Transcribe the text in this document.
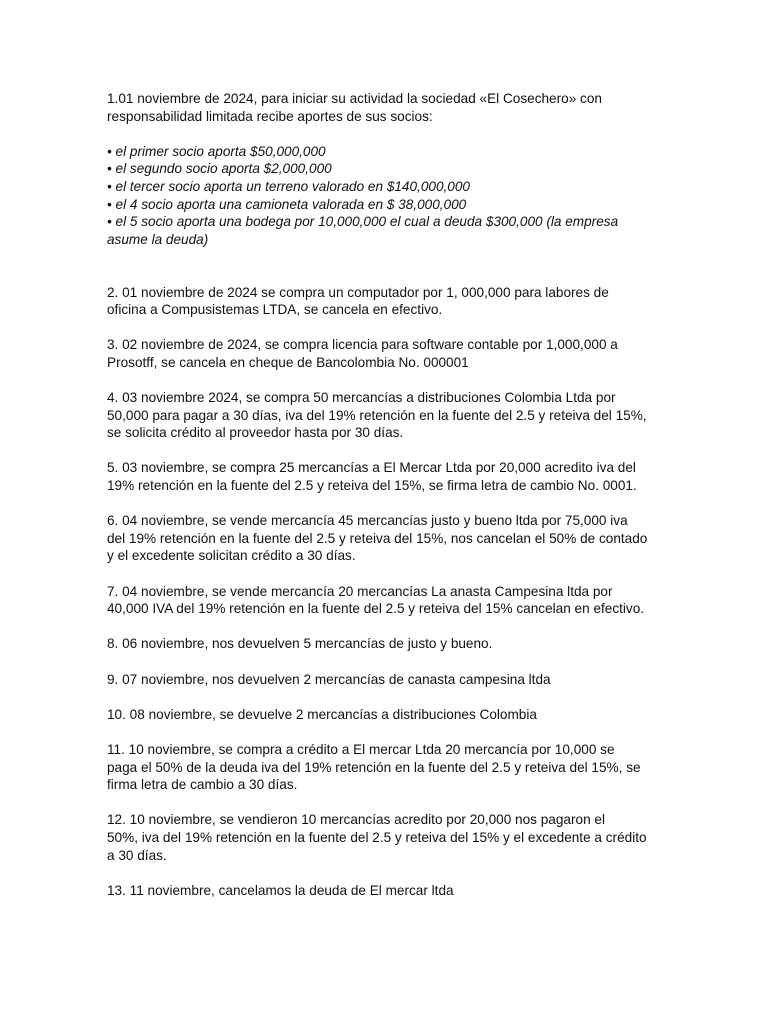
1.01 noviembre de 2024, para iniciar su actividad la sociedad «El Cosechero» con
responsabilidad limitada recibe aportes de sus socios:
• el primer socio aporta $50,000,000
• el segundo socio aporta $2,000,000
• el tercer socio aporta un terreno valorado en $140,000,000
• el 4 socio aporta una camioneta valorada en $ 38,000,000
• el 5 socio aporta una bodega por 10,000,000 el cual a deuda $300,000 (la empresa
asume la deuda)
2. 01 noviembre de 2024 se compra un computador por 1, 000,000 para labores de
oficina a Compusistemas LTDA, se cancela en efectivo.
3. 02 noviembre de 2024, se compra licencia para software contable por 1,000,000 a
Prosotff, se cancela en cheque de Bancolombia No. 000001
4. 03 noviembre 2024, se compra 50 mercancías a distribuciones Colombia Ltda por
50,000 para pagar a 30 días, iva del 19% retención en la fuente del 2.5 y reteiva del 15%,
se solicita crédito al proveedor hasta por 30 días.
5. 03 noviembre, se compra 25 mercancías a El Mercar Ltda por 20,000 acredito iva del
19% retención en la fuente del 2.5 y reteiva del 15%, se firma letra de cambio No. 0001.
6. 04 noviembre, se vende mercancía 45 mercancías justo y bueno ltda por 75,000 iva
del 19% retención en la fuente del 2.5 y reteiva del 15%, nos cancelan el 50% de contado
y el excedente solicitan crédito a 30 días.
7. 04 noviembre, se vende mercancía 20 mercancías La anasta Campesina ltda por
40,000 IVA del 19% retención en la fuente del 2.5 y reteiva del 15% cancelan en efectivo.
8. 06 noviembre, nos devuelven 5 mercancías de justo y bueno.
9. 07 noviembre, nos devuelven 2 mercancías de canasta campesina ltda
10. 08 noviembre, se devuelve 2 mercancías a distribuciones Colombia
11. 10 noviembre, se compra a crédito a El mercar Ltda 20 mercancía por 10,000 se
paga el 50% de la deuda iva del 19% retención en la fuente del 2.5 y reteiva del 15%, se
firma letra de cambio a 30 días.
12. 10 noviembre, se vendieron 10 mercancías acredito por 20,000 nos pagaron el
50%, iva del 19% retención en la fuente del 2.5 y reteiva del 15% y el excedente a crédito
a 30 días.
13. 11 noviembre, cancelamos la deuda de El mercar ltda
